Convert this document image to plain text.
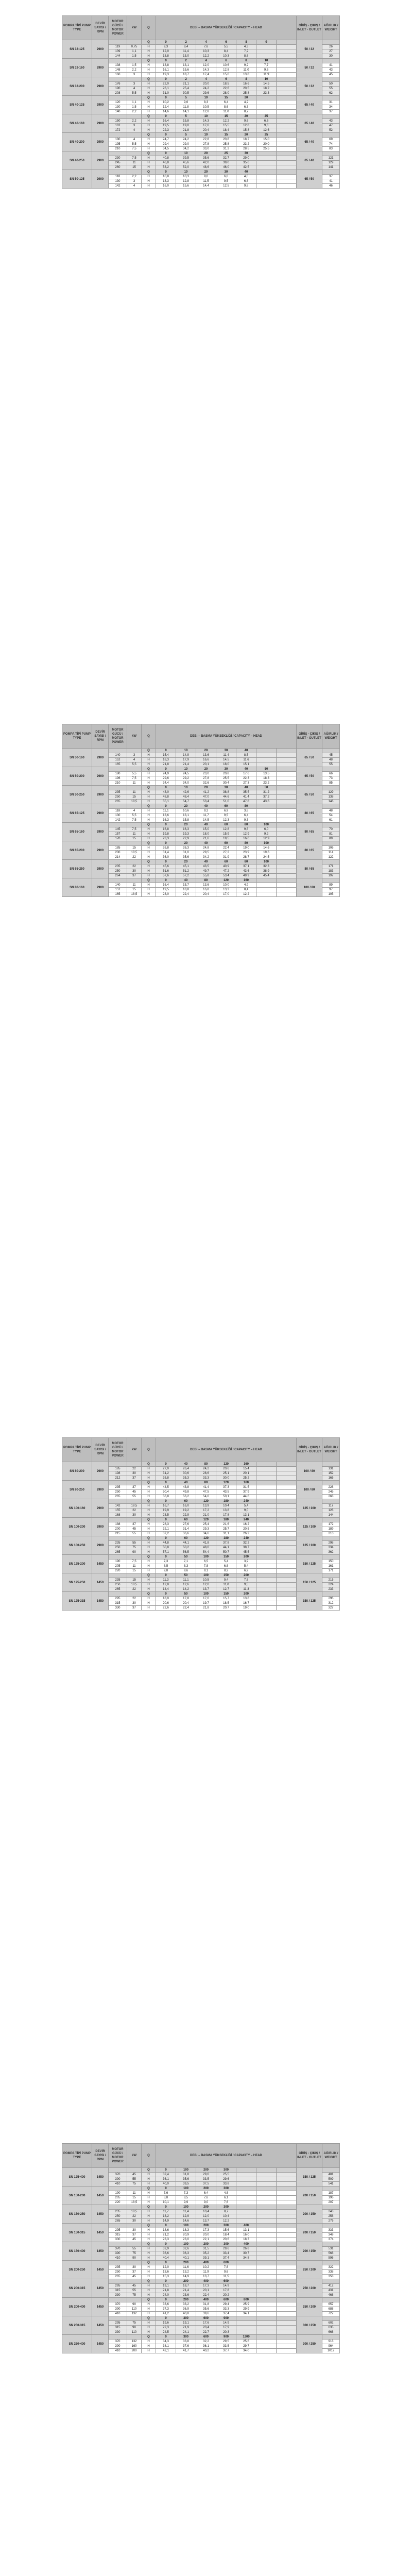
POMPA TİPİ PUMP TYPE	DEVİR SAYISI / RPM	MOTOR GÜCÜ / MOTOR POWER	kW	Q	DEBİ – BASMA YÜKSEKLİĞİ / CAPACITY – HEAD							GİRİŞ - ÇIKIŞ / INLET - OUTLET	AĞIRLIK / WEIGHT
SN 32-125	2900			Q	0	2	4	6	8	9		50 / 32	
		119	0,75	H	9,3	8,4	7,6	5,5	4,3				26
		139	1,1	H	12,0	11,4	10,3	8,4	7,2				27
		144	1,5	H	13,8	13,0	12,2	10,3	8,8				30
SN 32-160	2900			Q	0	2	4	6	8	10		50 / 32	
		138	1,5	H	13,8	13,1	12,0	10,6	9,2	7,7			41
		148	2,2	H	16,1	15,6	14,3	12,8	11,0	9,6			43
		160	3	H	19,3	18,7	17,4	15,6	13,8	11,9			45
SN 32-200	2900			Q	0	2	4	6	8	10		50 / 32	
		176	3	H	22,0	21,1	20,0	18,5	16,6	14,5			50
		190	4	H	26,1	25,4	24,2	22,6	20,5	18,2			55
		208	5,5	H	31,0	30,5	29,6	28,0	25,8	23,3			62
SN 40-125	2900			Q	0	5	10	15	20			65 / 40	
		120	1,1	H	10,2	9,6	8,3	6,4	4,2				31
		130	1,5	H	12,4	11,8	10,5	8,6	6,3				34
		140	2,2	H	14,6	14,1	12,8	11,0	8,7				37
SN 40-160	2900			Q	0	5	10	15	20	25		65 / 40	
		150	2,2	H	16,4	15,8	14,3	12,2	9,6	6,6			43
		162	3	H	19,5	19,0	17,6	15,5	12,8	9,6			47
		172	4	H	22,3	21,8	20,4	18,4	15,8	12,6			52
SN 40-200	2900			Q	0	5	10	15	20	25		65 / 40	
		180	4	H	24,7	24,2	22,8	20,8	18,2	15,0			69
		195	5,5	H	29,4	29,0	27,8	25,8	23,2	20,0			74
		210	7,5	H	34,5	34,2	33,0	31,2	28,5	25,5			83
SN 40-250	2900			Q	0	10	20	25	30			65 / 40	
		230	7,5	H	40,8	39,5	35,6	32,7	29,0				121
		245	11	H	46,8	45,6	42,0	39,0	35,6				129
		260	15	H	53,2	52,0	48,6	46,0	42,5				141
SN 50-125	2900			Q	0	10	20	30	40			65 / 50	
		118	2,2	H	10,8	10,3	9,0	6,8	4,0				37
		130	3	H	13,3	12,8	11,5	9,5	6,8				41
		142	4	H	16,0	15,6	14,4	12,5	9,8				46
POMPA TİPİ PUMP TYPE	DEVİR SAYISI / RPM	MOTOR GÜCÜ / MOTOR POWER	kW	Q	DEBİ – BASMA YÜKSEKLİĞİ / CAPACITY – HEAD							GİRİŞ - ÇIKIŞ / INLET - OUTLET	AĞIRLIK / WEIGHT
SN 50-160	2900			Q	0	10	20	30	40			65 / 50	
		140	3	H	15,4	14,9	13,6	11,4	8,5				45
		152	4	H	18,3	17,9	16,6	14,5	11,6				48
		165	5,5	H	21,8	21,4	20,1	18,0	15,1				55
SN 50-200	2900			Q	0	10	20	30	40	50		65 / 50	
		180	5,5	H	24,9	24,5	23,0	20,8	17,6	13,5			66
		196	7,5	H	29,6	29,2	27,8	25,5	22,3	18,3			73
		210	11	H	34,4	34,0	32,6	30,4	27,3	23,2			85
SN 50-250	2900			Q	0	10	20	30	40	50		65 / 50	
		235	11	H	43,0	42,6	41,2	38,8	35,5	31,2			129
		250	15	H	48,8	48,4	47,0	44,6	41,4	37,2			138
		265	18,5	H	55,1	54,7	53,4	51,0	47,8	43,6			146
SN 65-125	2900			Q	0	20	40	60	80			80 / 65	
		118	4	H	11,1	10,6	9,2	6,9	3,8				48
		130	5,5	H	13,6	13,1	11,7	9,5	6,4				54
		142	7,5	H	16,3	15,8	14,5	12,3	9,3				61
SN 65-160	2900			Q	0	20	40	60	80	100		80 / 65	
		145	7,5	H	16,8	16,3	15,0	12,8	9,8	6,0			70
		157	11	H	19,8	19,3	18,0	15,9	12,9	9,2			81
		170	15	H	23,3	22,9	21,6	19,5	16,6	12,9			89
SN 65-200	2900			Q	0	20	40	60	80	100		80 / 65	
		185	15	H	26,8	26,3	24,8	22,4	19,0	14,6			106
		200	18,5	H	31,4	31,0	29,5	27,2	23,9	19,6			114
		214	22	H	36,0	35,6	34,2	31,9	28,7	24,5			122
SN 65-250	2900			Q	0	20	40	60	80	100		80 / 65	
		235	22	H	45,6	45,1	43,5	40,9	37,1	32,3			171
		250	30	H	51,6	51,2	49,7	47,2	43,6	38,9			183
		264	37	H	57,6	57,2	55,8	53,4	49,9	45,4			197
SN 80-160	2900			Q	0	40	80	120	160			100 / 80	
		140	11	H	16,4	15,7	13,6	10,0	4,9				89
		152	15	H	19,5	18,8	16,8	13,3	8,4				97
		165	18,5	H	23,0	22,4	20,4	17,0	12,2				105
POMPA TİPİ PUMP TYPE	DEVİR SAYISI / RPM	MOTOR GÜCÜ / MOTOR POWER	kW	Q	DEBİ – BASMA YÜKSEKLİĞİ / CAPACITY – HEAD							GİRİŞ - ÇIKIŞ / INLET - OUTLET	AĞIRLIK / WEIGHT
SN 80-200	2900			Q	0	40	80	120	160			100 / 80	
		185	22	H	27,0	26,4	24,2	20,6	15,4				131
		198	30	H	31,2	30,6	28,6	25,1	20,1				152
		212	37	H	35,8	35,3	33,3	30,0	25,2				165
SN 80-250	2900			Q	0	40	80	120	160			100 / 80	
		235	37	H	44,5	43,8	41,4	37,3	31,5				228
		250	45	H	50,4	49,8	47,5	43,5	37,9				245
		265	55	H	56,8	56,2	54,0	50,1	44,6				268
SN 100-160	2900			Q	0	60	120	180	240			125 / 100	
		142	18,5	H	16,7	16,0	13,9	10,4	5,4				117
		155	22	H	19,9	19,2	17,2	13,8	9,0				128
		168	30	H	23,5	22,9	21,0	17,8	13,1				144
SN 100-200	2900			Q	0	60	120	180	240			125 / 100	
		188	37	H	28,3	27,6	25,4	21,6	16,2				172
		200	45	H	32,1	31,4	29,3	25,7	20,5				189
		215	55	H	37,2	36,6	34,6	31,1	26,2				210
SN 100-250	2900			Q	0	60	120	180	240			125 / 100	
		235	55	H	44,8	44,1	41,8	37,8	32,2				298
		250	75	H	50,8	50,2	48,0	44,1	38,7				334
		265	90	H	57,1	56,5	54,4	50,7	45,5				362
SN 125-200	1450			Q	0	50	100	150	200			150 / 125	
		190	7,5	H	7,3	7,1	6,5	5,4	3,9				150
		205	11	H	8,5	8,3	7,8	6,8	5,4				161
		220	15	H	9,8	9,6	9,1	8,2	6,9				171
SN 125-250	1450			Q	0	50	100	150	200			150 / 125	
		235	15	H	11,3	11,1	10,5	9,4	7,8				215
		250	18,5	H	12,8	12,6	12,0	11,0	9,5				224
		265	22	H	14,4	14,2	13,7	12,7	11,3				233
SN 125-315	1450			Q	0	50	100	150	200			150 / 125	
		295	22	H	18,0	17,8	17,0	15,7	13,8				296
		315	30	H	20,6	20,4	19,7	18,5	16,7				312
		330	37	H	22,6	22,4	21,8	20,7	19,0				327
POMPA TİPİ PUMP TYPE	DEVİR SAYISI / RPM	MOTOR GÜCÜ / MOTOR POWER	kW	Q	DEBİ – BASMA YÜKSEKLİĞİ / CAPACITY – HEAD							GİRİŞ - ÇIKIŞ / INLET - OUTLET	AĞIRLIK / WEIGHT
SN 125-400	1450			Q	0	100	200	300				150 / 125	
		370	45	H	32,4	31,8	29,6	25,5					481
		390	55	H	36,1	35,6	33,5	29,6					509
		410	75	H	40,0	39,5	37,5	33,8					541
SN 150-200	1450			Q	0	100	200	300				200 / 150	
		190	11	H	7,6	7,3	6,4	4,8					187
		205	15	H	8,8	8,5	7,6	6,1					196
		220	18,5	H	10,1	9,9	9,0	7,6					207
SN 150-250	1450			Q	0	100	200	300				200 / 150	
		235	18,5	H	11,7	11,4	10,4	8,7					243
		250	22	H	13,2	12,9	12,0	10,4					258
		265	30	H	14,9	14,6	13,7	12,2					276
SN 150-315	1450			Q	0	100	200	300	400			200 / 150	
		295	30	H	18,6	18,3	17,3	15,6	13,1				333
		315	37	H	21,2	20,9	20,0	18,4	16,0				349
		330	45	H	23,3	23,0	22,1	20,6	18,3				374
SN 150-400	1450			Q	0	100	200	300	400			200 / 150	
		370	55	H	32,9	32,6	31,5	29,6	26,8				531
		390	75	H	36,6	36,3	35,2	33,4	30,7				568
		410	90	H	40,4	40,1	39,1	37,4	34,8				596
SN 200-250	1450			Q	0	200	400	600				250 / 200	
		235	30	H	12,0	11,6	10,2	7,8					322
		250	37	H	13,6	13,2	11,9	9,6					338
		265	45	H	15,3	14,9	13,7	11,5					358
SN 200-315	1450			Q	0	200	400	600				250 / 200	
		295	45	H	19,1	18,7	17,3	14,9					412
		315	55	H	21,8	21,4	20,1	17,8					431
		330	75	H	24,0	23,6	22,4	20,2					468
SN 200-400	1450			Q	0	200	400	600	800			250 / 200	
		370	90	H	33,6	33,2	31,8	29,4	25,9				657
		390	110	H	37,3	36,9	35,6	33,3	29,9				688
		410	132	H	41,2	40,8	39,6	37,4	34,1				727
SN 250-315	1450			Q	0	300	600	900				300 / 250	
		295	75	H	19,6	19,1	17,6	14,9					602
		315	90	H	22,3	21,9	20,4	17,9					635
		330	110	H	24,5	24,1	22,7	20,3					668
SN 250-400	1450			Q	0	300	600	900	1200			300 / 250	
		370	132	H	34,3	33,8	32,2	29,5	25,6				918
		390	160	H	38,1	37,6	36,1	33,5	29,7				964
		410	200	H	42,1	41,7	40,2	37,7	34,0				1012
